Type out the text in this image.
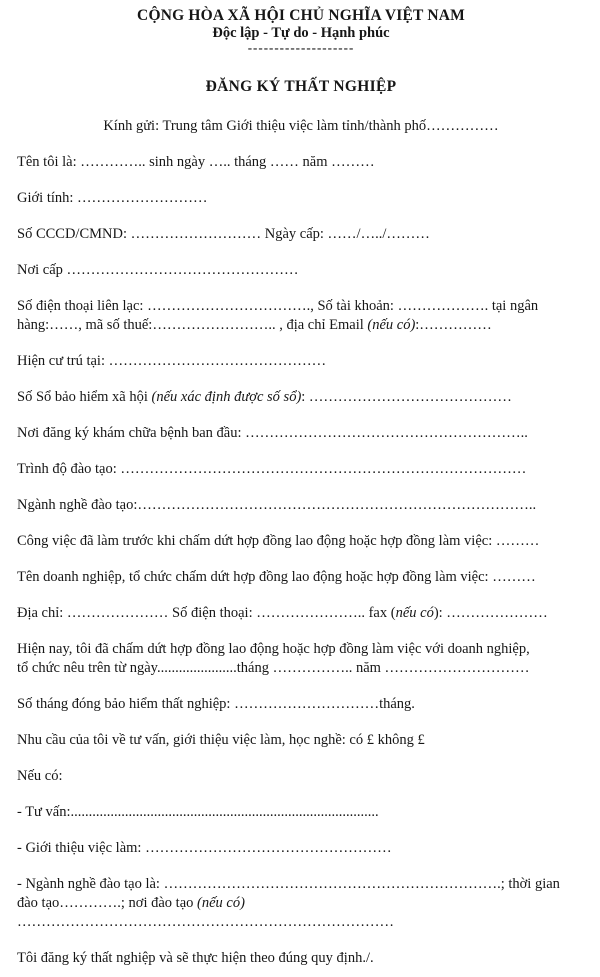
CỘNG HÒA XÃ HỘI CHỦ NGHĨA VIỆT NAM

Độc lập - Tự do - Hạnh phúc

--------------------

ĐĂNG KÝ THẤT NGHIỆP

Kính gửi: Trung tâm Giới thiệu việc làm tỉnh/thành phố……………

Tên tôi là: ………….. sinh ngày ….. tháng …… năm ………

Giới tính: ………………………

Số CCCD/CMND: ……………………… Ngày cấp: ……/…../………

Nơi cấp …………………………………………

Số điện thoại liên lạc: ……………………………., Số tài khoản: ………………. tại ngân
hàng:……, mã số thuế:…………………….. , địa chỉ Email (nếu có):……………

Hiện cư trú tại: ………………………………………

Số Sổ bảo hiểm xã hội (nếu xác định được số sổ): ……………………………………

Nơi đăng ký khám chữa bệnh ban đầu: …………………………………………………..

Trình độ đào tạo: …………………………………………………………………………

Ngành nghề đào tạo:………………………………………………………………………..

Công việc đã làm trước khi chấm dứt hợp đồng lao động hoặc hợp đồng làm việc: ………

Tên doanh nghiệp, tổ chức chấm dứt hợp đồng lao động hoặc hợp đồng làm việc: ………

Địa chỉ: ………………… Số điện thoại: ………………….. fax (nếu có): …………………

Hiện nay, tôi đã chấm dứt hợp đồng lao động hoặc hợp đồng làm việc với doanh nghiệp,
tổ chức nêu trên từ ngày......................tháng …………….. năm …………………………

Số tháng đóng bảo hiểm thất nghiệp: …………………………tháng.

Nhu cầu của tôi về tư vấn, giới thiệu việc làm, học nghề: có £ không £

Nếu có:

- Tư vấn:.....................................................................................

- Giới thiệu việc làm: ……………………………………………

- Ngành nghề đào tạo là: …………………………………………………………….; thời gian
đào tạo………….; nơi đào tạo (nếu có)
……………………………………………………………………

Tôi đăng ký thất nghiệp và sẽ thực hiện theo đúng quy định./.
